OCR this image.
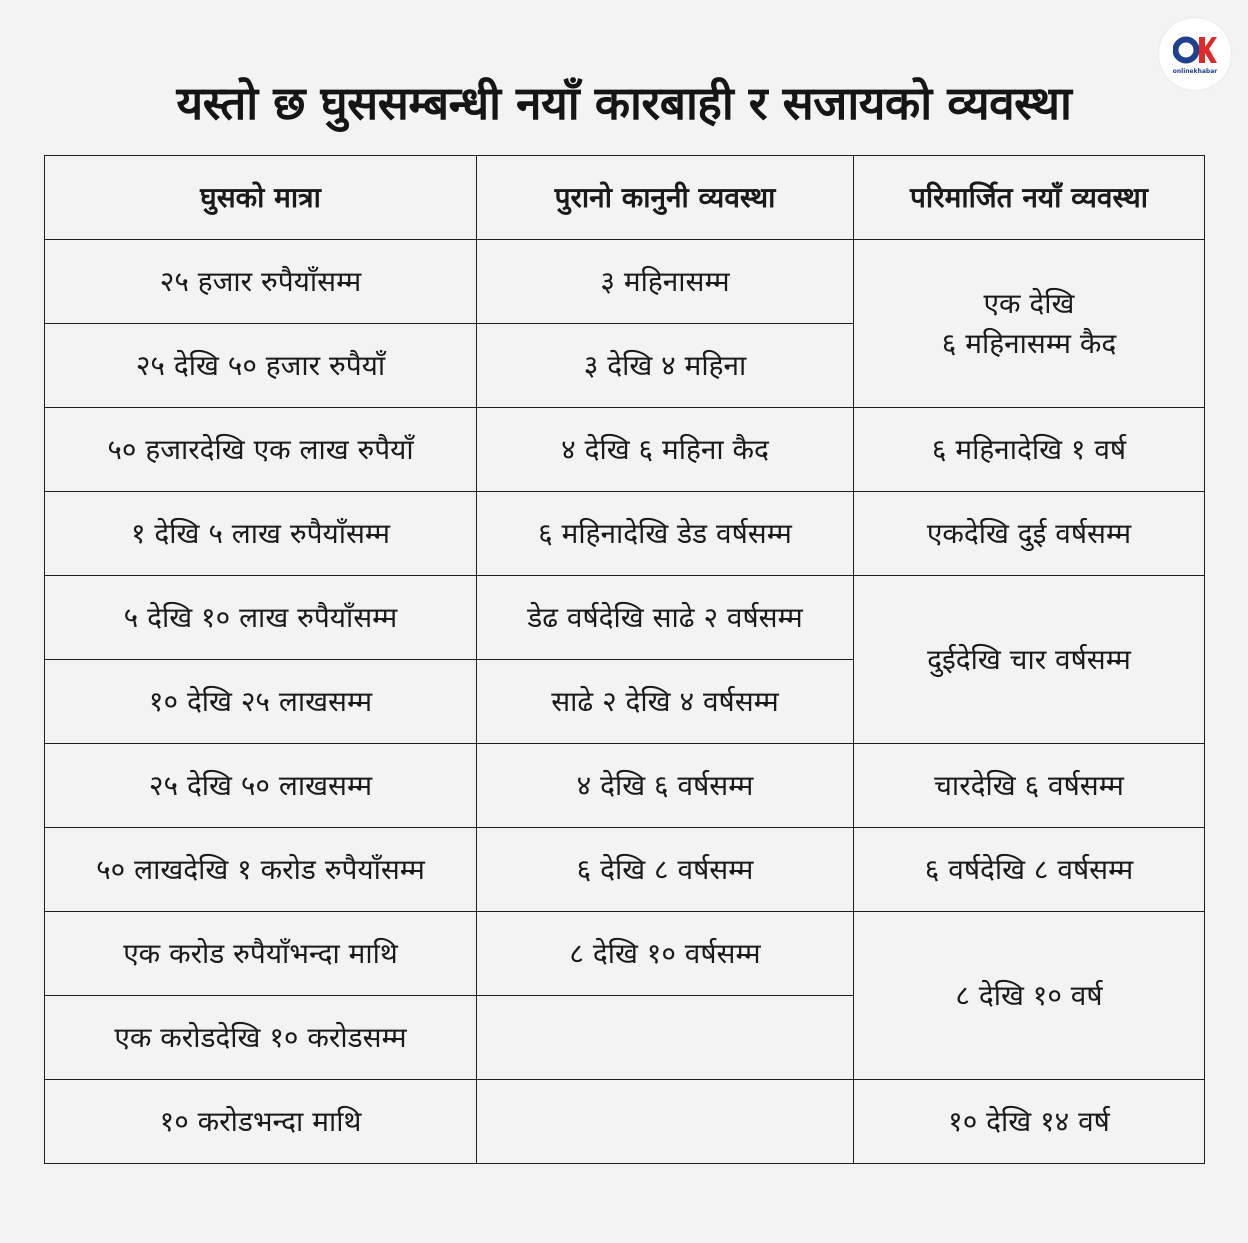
onlinekhabar
यस्तो छ घुससम्बन्धी नयाँ कारबाही र सजायको व्यवस्था
घुसको मात्रा	पुरानो कानुनी व्यवस्था	परिमार्जित नयाँ व्यवस्था
२५ हजार रुपैयाँसम्म	३ महिनासम्म	एक देखि
६ महिनासम्म कैद

२५ देखि ५० हजार रुपैयाँ	३ देखि ४ महिना	
५० हजारदेखि एक लाख रुपैयाँ	४ देखि ६ महिना कैद	६ महिनादेखि १ वर्ष
१ देखि ५ लाख रुपैयाँसम्म	६ महिनादेखि डेड वर्षसम्म	एकदेखि दुई वर्षसम्म
५ देखि १० लाख रुपैयाँसम्म	डेढ वर्षदेखि साढे २ वर्षसम्म	दुईदेखि चार वर्षसम्म
१० देखि २५ लाखसम्म	साढे २ देखि ४ वर्षसम्म	
२५ देखि ५० लाखसम्म	४ देखि ६ वर्षसम्म	चारदेखि ६ वर्षसम्म
५० लाखदेखि १ करोड रुपैयाँसम्म	६ देखि ८ वर्षसम्म	६ वर्षदेखि ८ वर्षसम्म
एक करोड रुपैयाँभन्दा माथि	८ देखि १० वर्षसम्म	८ देखि १० वर्ष
एक करोडदेखि १० करोडसम्म		
१० करोडभन्दा माथि		१० देखि १४ वर्ष
